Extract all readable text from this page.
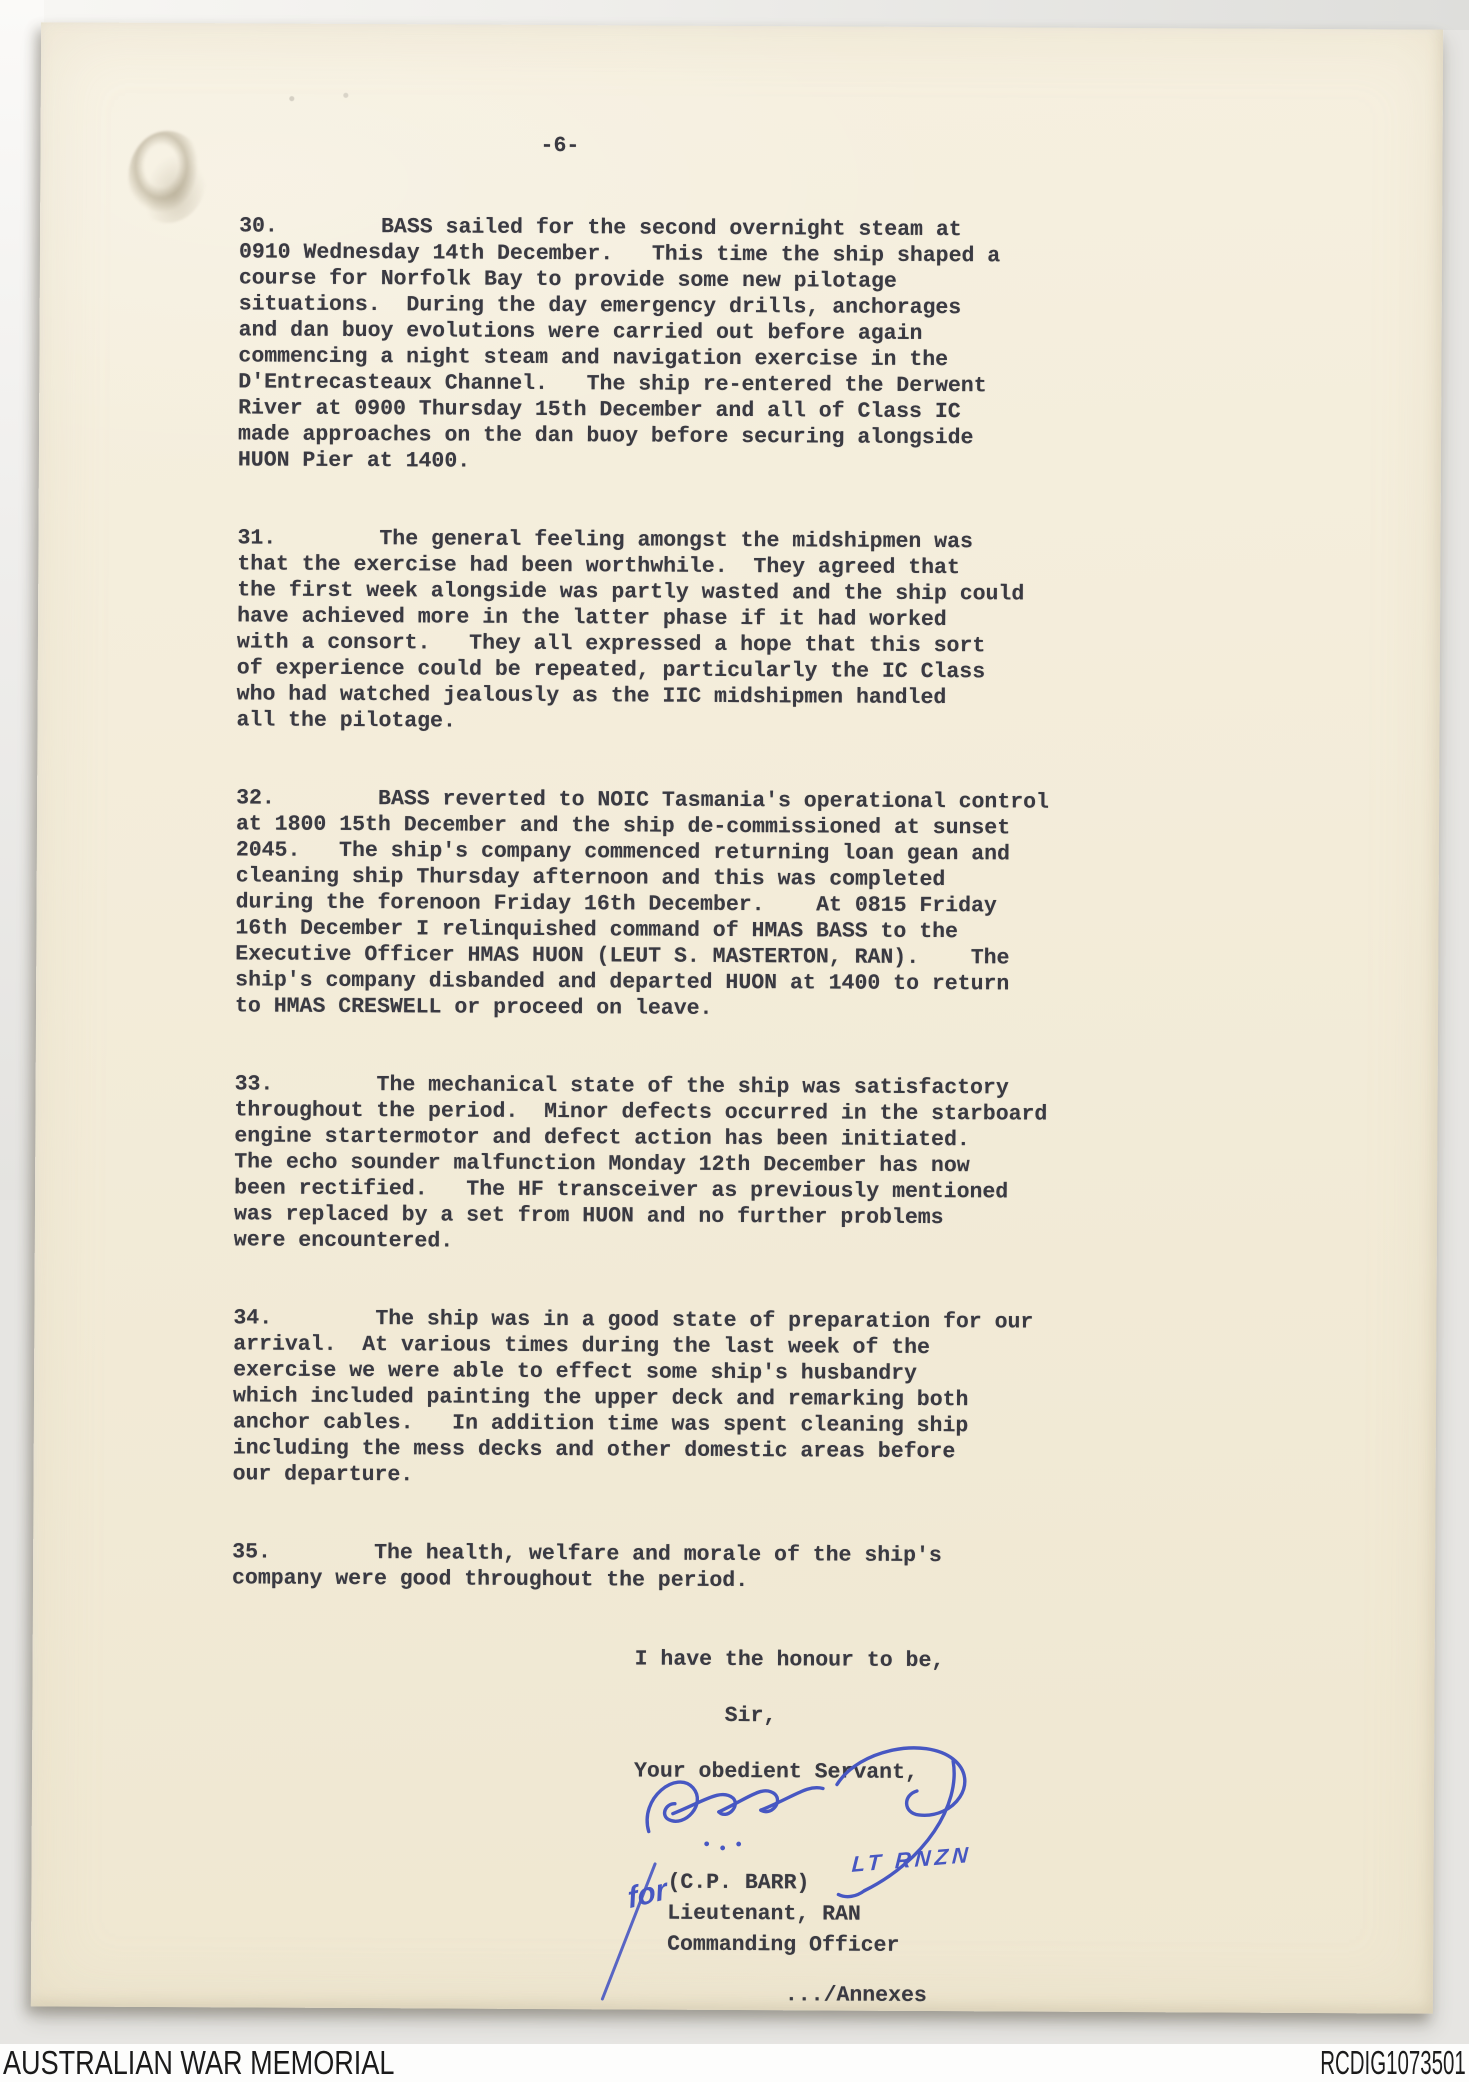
-6-
30.        BASS sailed for the second overnight steam at
0910 Wednesday 14th December.   This time the ship shaped a
course for Norfolk Bay to provide some new pilotage
situations.  During the day emergency drills, anchorages
and dan buoy evolutions were carried out before again
commencing a night steam and navigation exercise in the
D'Entrecasteaux Channel.   The ship re-entered the Derwent
River at 0900 Thursday 15th December and all of Class IC
made approaches on the dan buoy before securing alongside
HUON Pier at 1400.
31.        The general feeling amongst the midshipmen was
that the exercise had been worthwhile.  They agreed that
the first week alongside was partly wasted and the ship could
have achieved more in the latter phase if it had worked
with a consort.   They all expressed a hope that this sort
of experience could be repeated, particularly the IC Class
who had watched jealously as the IIC midshipmen handled
all the pilotage.
32.        BASS reverted to NOIC Tasmania's operational control
at 1800 15th December and the ship de-commissioned at sunset
2045.   The ship's company commenced returning loan gean and
cleaning ship Thursday afternoon and this was completed
during the forenoon Friday 16th December.    At 0815 Friday
16th December I relinquished command of HMAS BASS to the
Executive Officer HMAS HUON (LEUT S. MASTERTON, RAN).    The
ship's company disbanded and departed HUON at 1400 to return
to HMAS CRESWELL or proceed on leave.
33.        The mechanical state of the ship was satisfactory
throughout the period.  Minor defects occurred in the starboard
engine startermotor and defect action has been initiated.
The echo sounder malfunction Monday 12th December has now
been rectified.   The HF transceiver as previously mentioned
was replaced by a set from HUON and no further problems
were encountered.
34.        The ship was in a good state of preparation for our
arrival.  At various times during the last week of the
exercise we were able to effect some ship's husbandry
which included painting the upper deck and remarking both
anchor cables.   In addition time was spent cleaning ship
including the mess decks and other domestic areas before
our departure.
35.        The health, welfare and morale of the ship's
company were good throughout the period.
I have the honour to be,

Sir,

Your obedient Servant,
LT RNZN
for
(C.P. BARR)
Lieutenant, RAN
Commanding Officer
.../Annexes
AUSTRALIAN WAR MEMORIAL	RCDIG1073501
